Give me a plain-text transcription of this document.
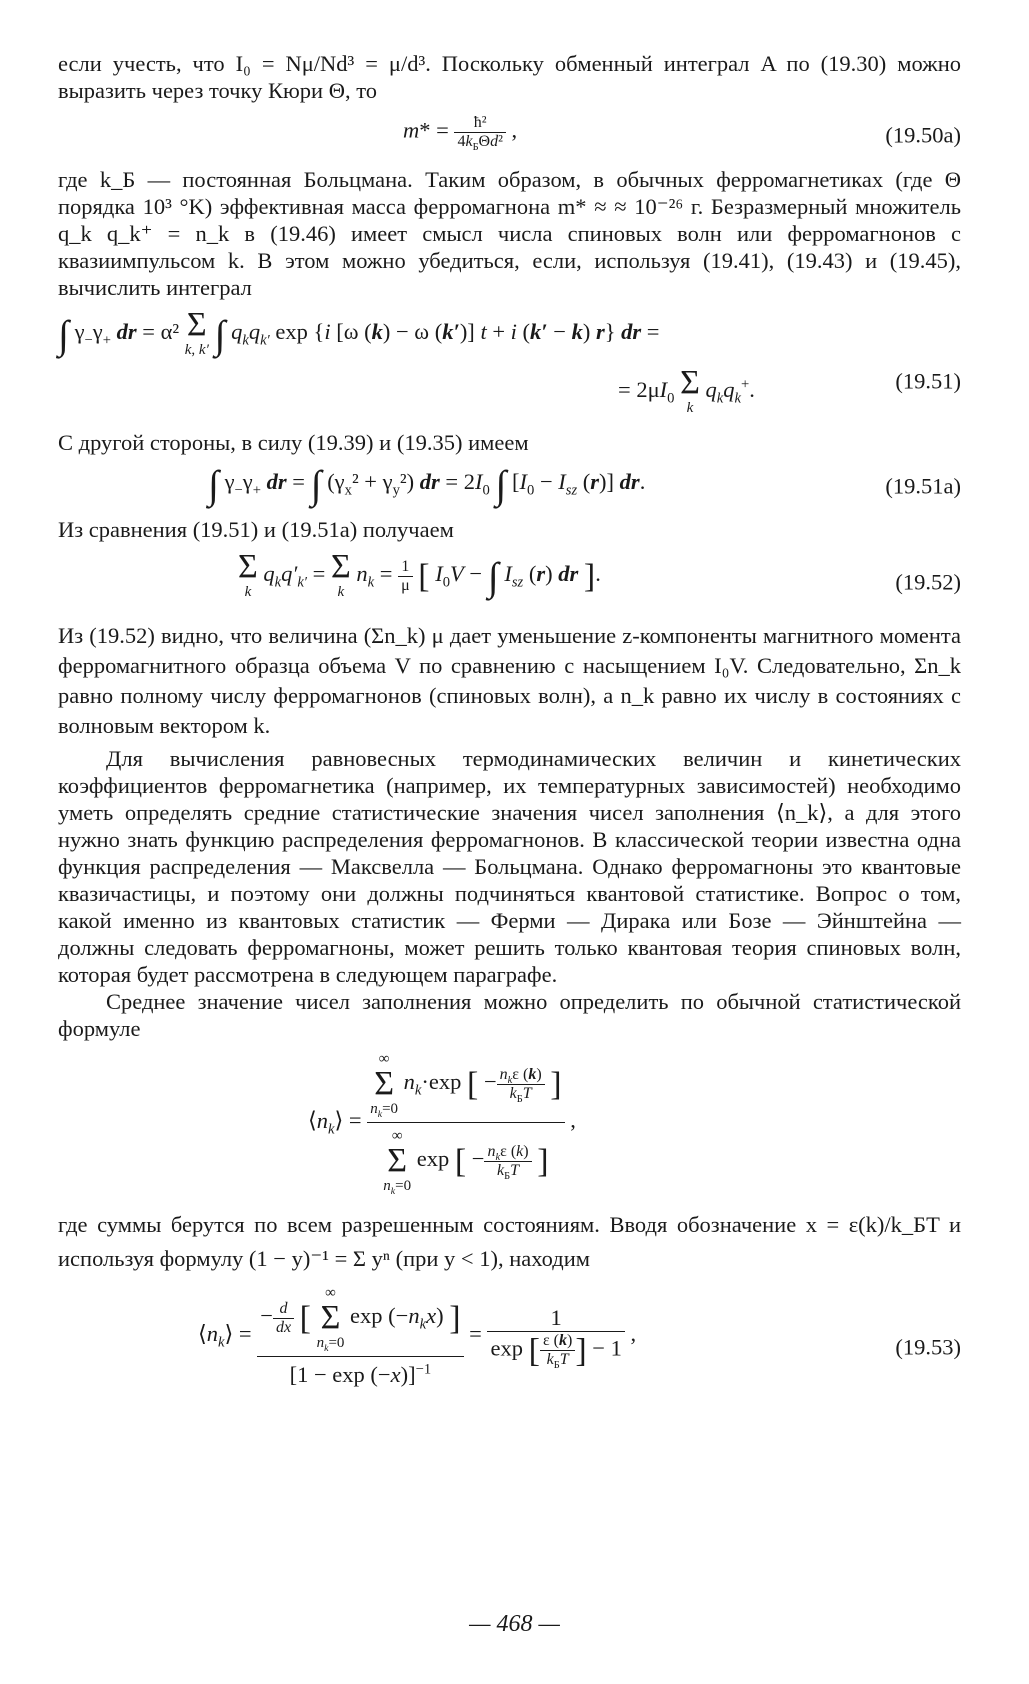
если учесть, что I₀ = Nμ/Nd³ = μ/d³. Поскольку обменный интеграл A по (19.30) можно выразить через точку Кюри Θ, то

$m* = \frac{\text{ħ²}}{4k_Б\Theta d^2}$ ,	(19.50a)

где k_Б — постоянная Больцмана. Таким образом, в обычных ферромагнетиках (где Θ порядка 10³ °K) эффективная масса ферромагнона m* ≈ ≈ 10⁻²⁶ г. Безразмерный множитель q_k q_k⁺ = n_k в (19.46) имеет смысл числа спиновых волн или ферромагнонов с квазиимпульсом k. В этом можно убедиться, если, используя (19.41), (19.43) и (19.45), вычислить интеграл

∫ $\gamma_-\gamma_+$ dr = α² Σ
k, k′ ∫ $q_kq_{k'}$ exp {i [ω (k) − ω (k′)] t + i (k′ − k) r} dr =
= $2\mu I_0$ Σ
k
$q_kq_k^+$.	(19.51)

С другой стороны, в силу (19.39) и (19.35) имеем

∫ $\gamma_-\gamma_+$ dr = ∫ $(\gamma_x^2 + \gamma_y^2)$ dr = $2I_0$ ∫ [$I_0 - I_{sz}$ (r)] dr.	(19.51a)

Из сравнения (19.51) и (19.51a) получаем

Σ
k
$q_kq'_{k'} = \Sigma$
k
$n_k = \frac{1}{\mu}$ [ $I_0V$ − ∫ $I_{sz}$ (r) dr ].	(19.52)

Из (19.52) видно, что величина (Σn_k) μ дает уменьшение z-компоненты магнитного момента ферромагнитного образца объема V по сравнению с насыщением I₀V. Следовательно, Σn_k равно полному числу ферромагнонов (спиновых волн), а n_k равно их числу в состояниях с волновым вектором k.

Для вычисления равновесных термодинамических величин и кинетических коэффициентов ферромагнетика (например, их температурных зависимостей) необходимо уметь определять средние статистические значения чисел заполнения ⟨n_k⟩, а для этого нужно знать функцию распределения ферромагнонов. В классической теории известна одна функция распределения — Максвелла — Больцмана. Однако ферромагноны это квантовые квазичастицы, и поэтому они должны подчиняться квантовой статистике. Вопрос о том, какой именно из квантовых статистик — Ферми — Дирака или Бозе — Эйнштейна — должны следовать ферромагноны, может решить только квантовая теория спиновых волн, которая будет рассмотрена в следующем параграфе.

Среднее значение чисел заполнения можно определить по обычной статистической формуле

$⟨n_k⟩$ = ∞
Σ
$n_k=0$
$n_k\cdot\exp$ [ − $\frac{n_k\varepsilon (k)}{k_БT}$ ]
∞
Σ
$n_k=0$
exp [ − $\frac{n_k\varepsilon (k)}{k_БT}$ ] ,

где суммы берутся по всем разрешенным состояниям. Вводя обозначение x = ε(k)/k_БT и используя формулу (1 − y)⁻¹ = Σ yⁿ (при y < 1), находим

$⟨n_k⟩$ =
− $\frac{d}{dx}$ [
∞
Σ
$n_k=0$
$\exp (-n_kx)$ ]
$[1 - \exp (-x)]^{-1}$
= $\frac{1}{\exp [ \frac{\varepsilon (k)}{k_БT} ] - 1}$ ,
(19.53)
— 468 —
